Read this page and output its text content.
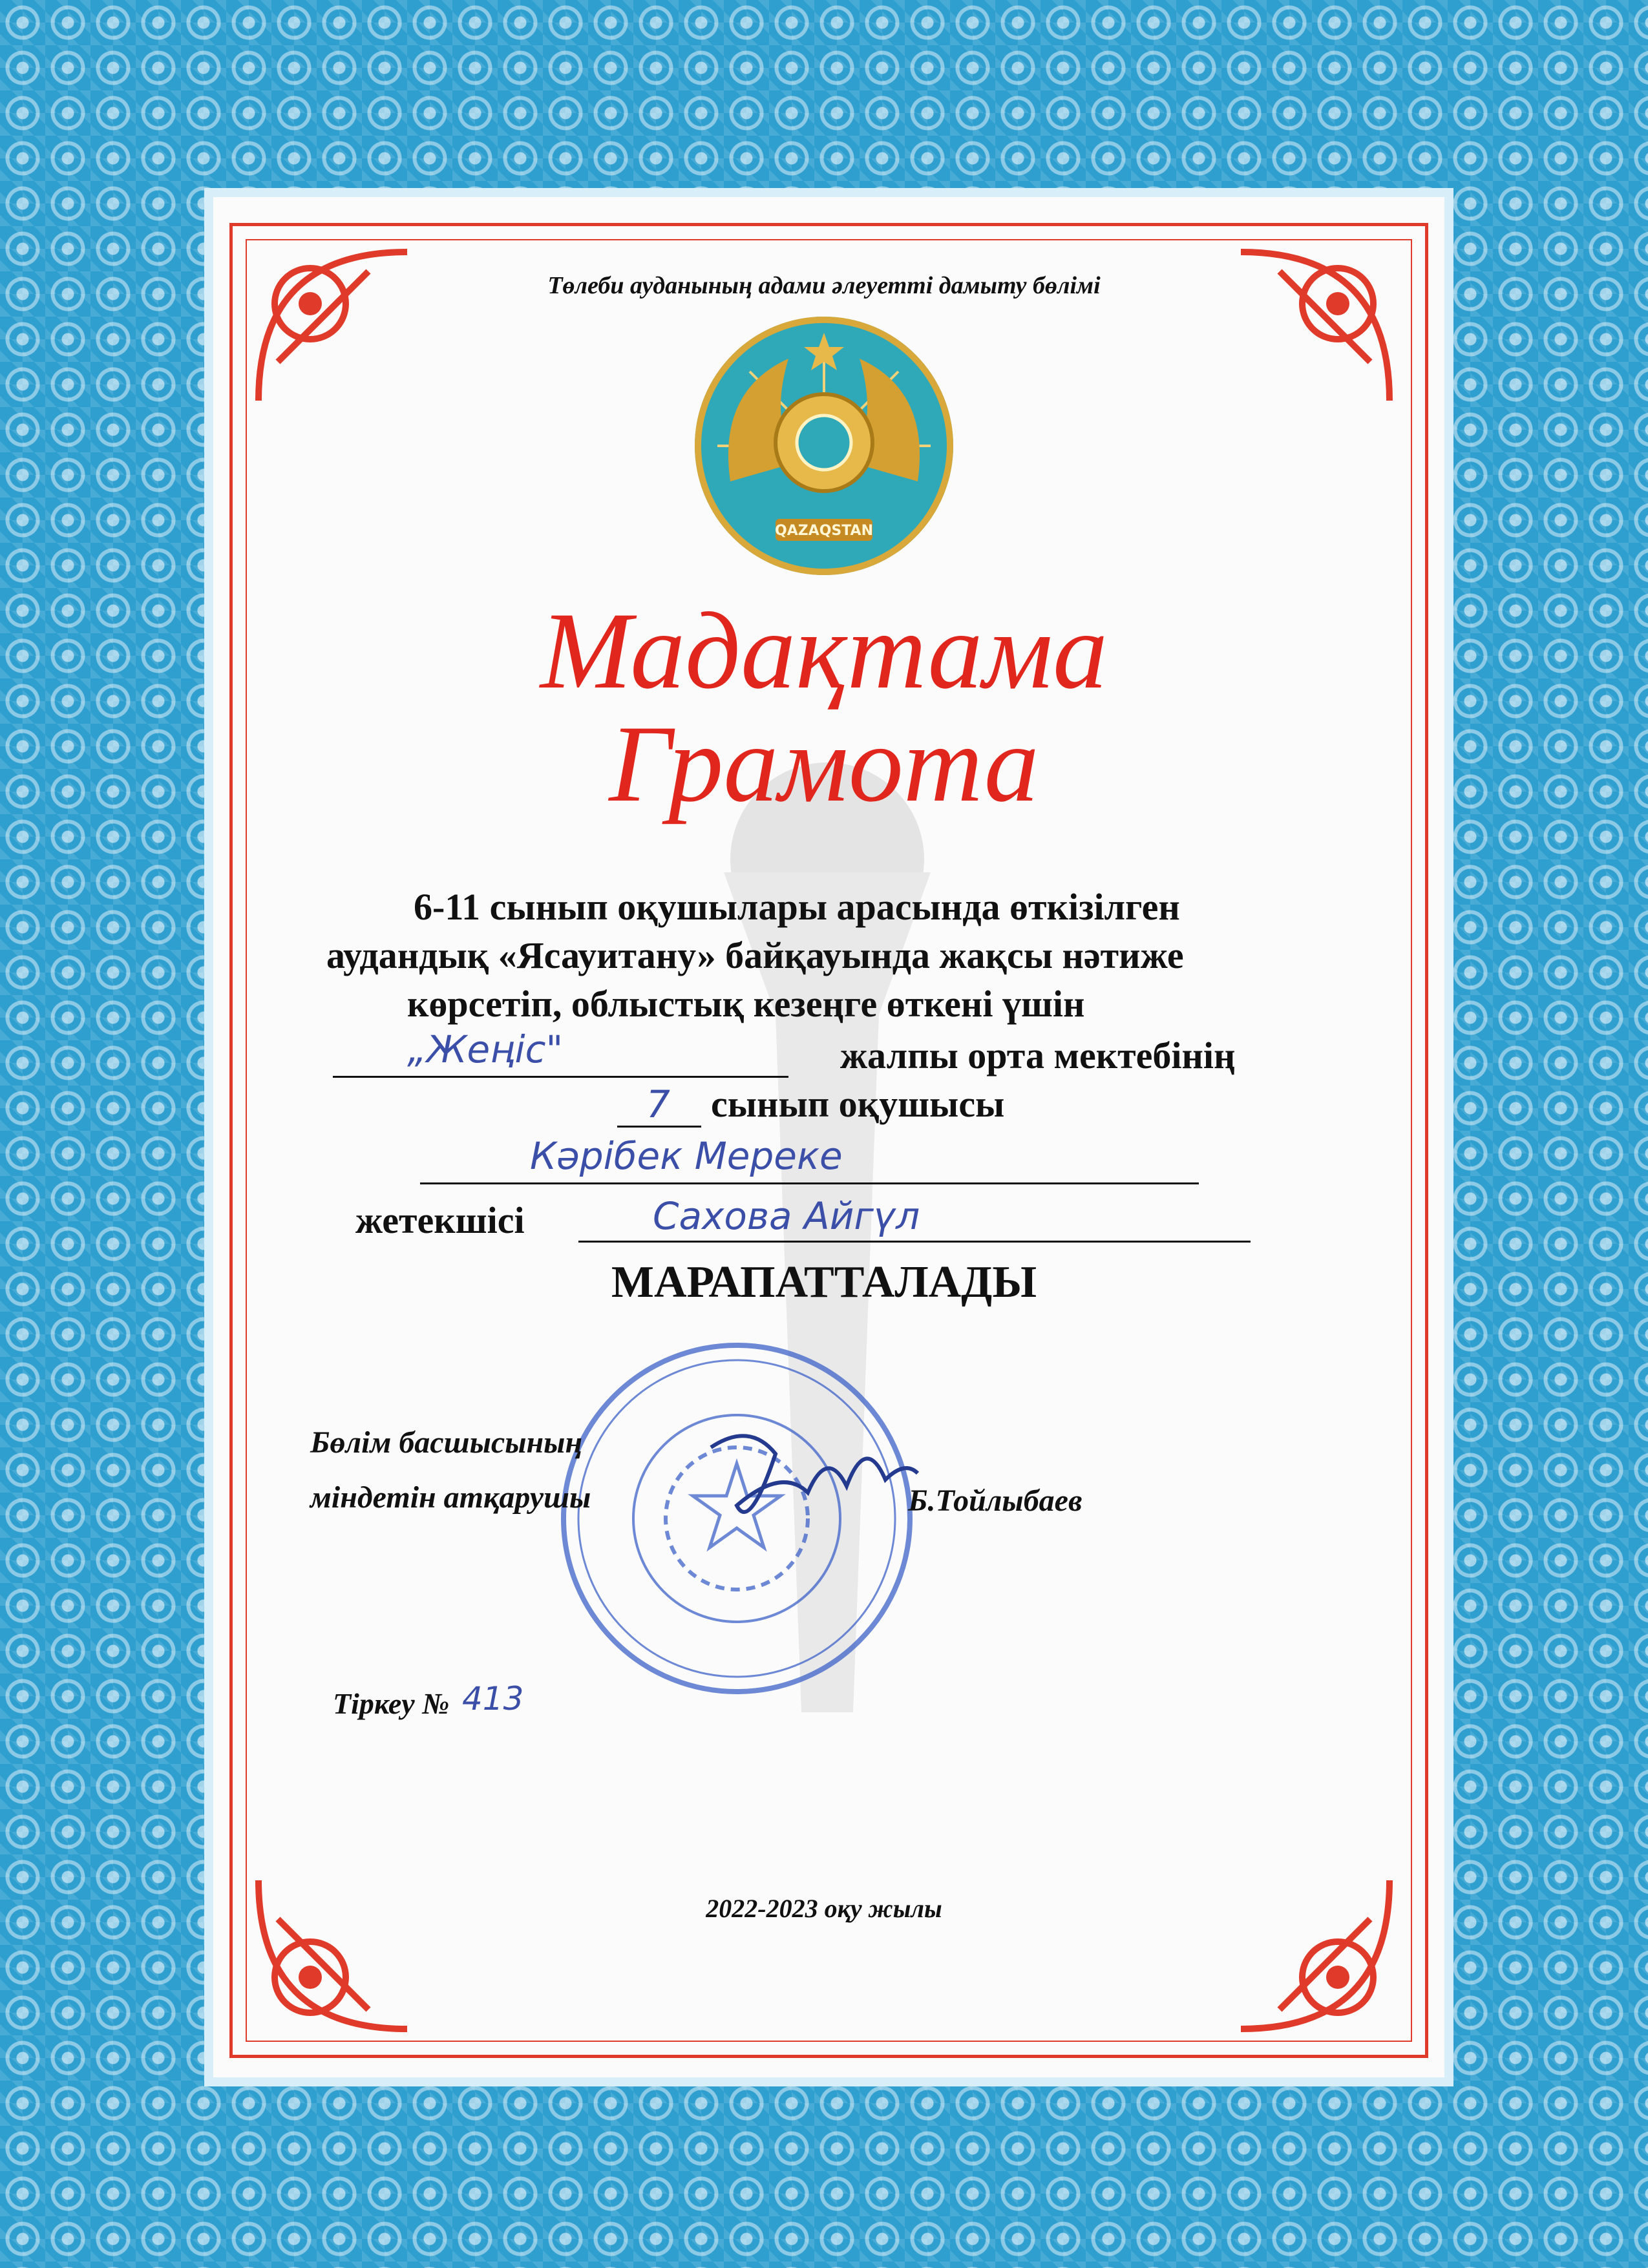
Төлеби ауданының адами әлеуетті дамыту бөлімі
QAZAQSTAN
Мадақтама
Грамота
6-11 сынып оқушылары арасында өткізілген
аудандық «Ясауитану» байқауында жақсы нәтиже
көрсетіп, облыстық кезеңге өткені үшін
„Жеңіс"	жалпы орта мектебінің
7 сынып оқушысы
Кәрібек Мереке
жетекшісі	Сахова Айгүл
МАРАПАТТАЛАДЫ
Бөлім басшысының
міндетін атқарушы	Б.Тойлыбаев
Тіркеу № 413
2022-2023 оқу жылы
